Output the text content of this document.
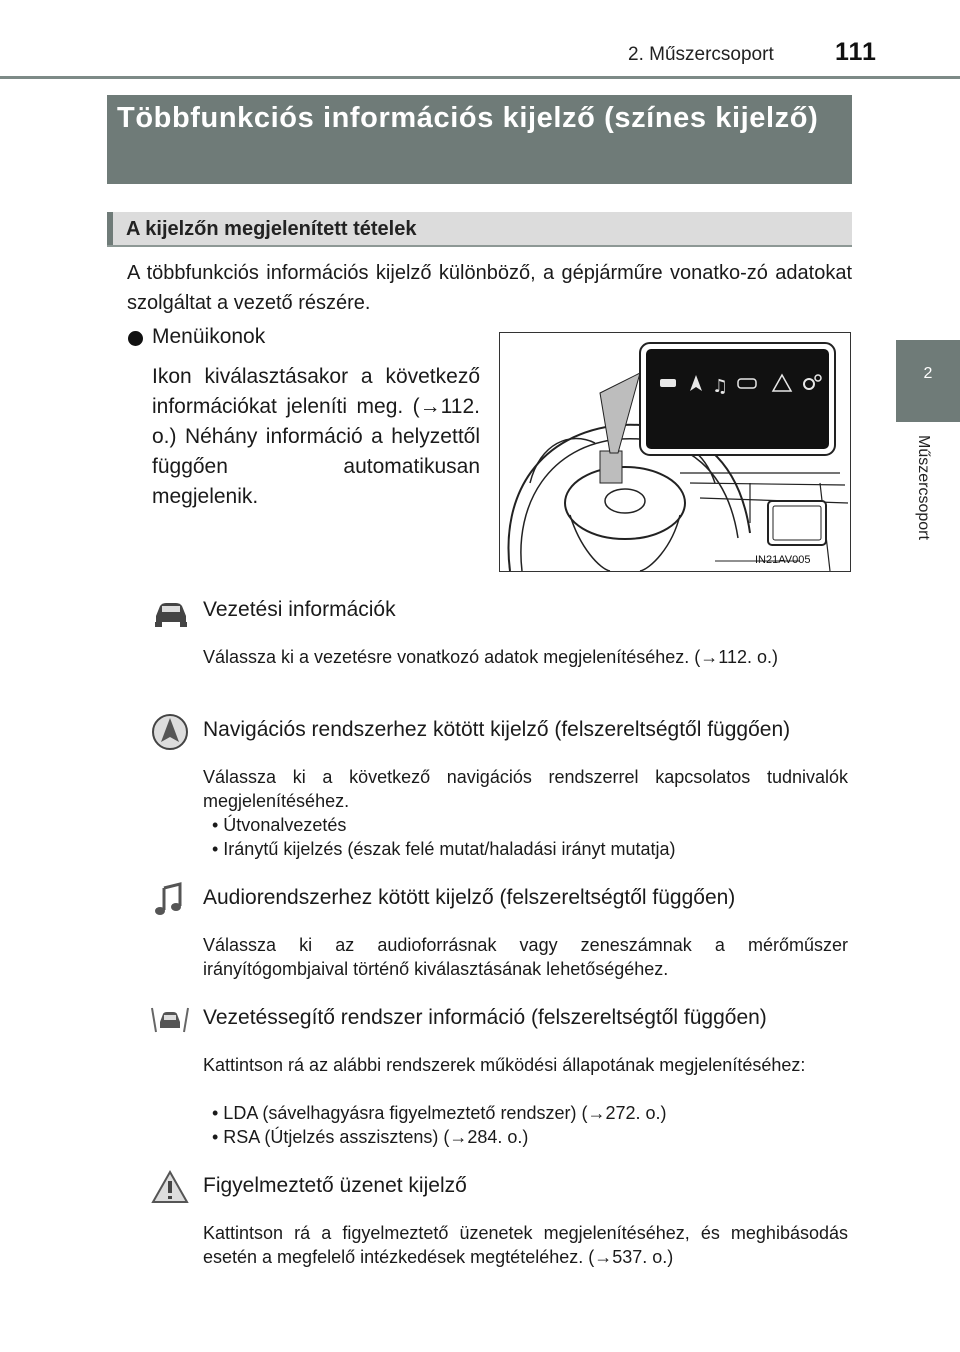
2. Műszercsoport 111
2
Műszercsoport
Többfunkciós információs kijelző (színes kijelző)
A kijelzőn megjelenített tételek
A többfunkciós információs kijelző különböző, a gépjárműre vonatko-zó adatokat szolgáltat a vezető részére.
Menüikonok
Ikon kiválasztásakor a következő információkat jeleníti meg. (→112. o.) Néhány információ a helyzettől függően automatikusan megjelenik.
♫
IN21AV005
Vezetési információk
Válassza ki a vezetésre vonatkozó adatok megjelenítéséhez. (→112. o.)
Navigációs rendszerhez kötött kijelző (felszereltségtől függően)
Válassza ki a következő navigációs rendszerrel kapcsolatos tudnivalók megjelenítéséhez.
• Útvonalvezetés
• Iránytű kijelzés (észak felé mutat/haladási irányt mutatja)
Audiorendszerhez kötött kijelző (felszereltségtől függően)
Válassza ki az audioforrásnak vagy zeneszámnak a mérőműszer irányítógombjaival történő kiválasztásának lehetőségéhez.
Vezetéssegítő rendszer információ (felszereltségtől függően)
Kattintson rá az alábbi rendszerek működési állapotának megjelenítéséhez:
• LDA (sávelhagyásra figyelmeztető rendszer) (→272. o.)
• RSA (Útjelzés asszisztens) (→284. o.)
Figyelmeztető üzenet kijelző
Kattintson rá a figyelmeztető üzenetek megjelenítéséhez, és meghibásodás esetén a megfelelő intézkedések megtételéhez. (→537. o.)
